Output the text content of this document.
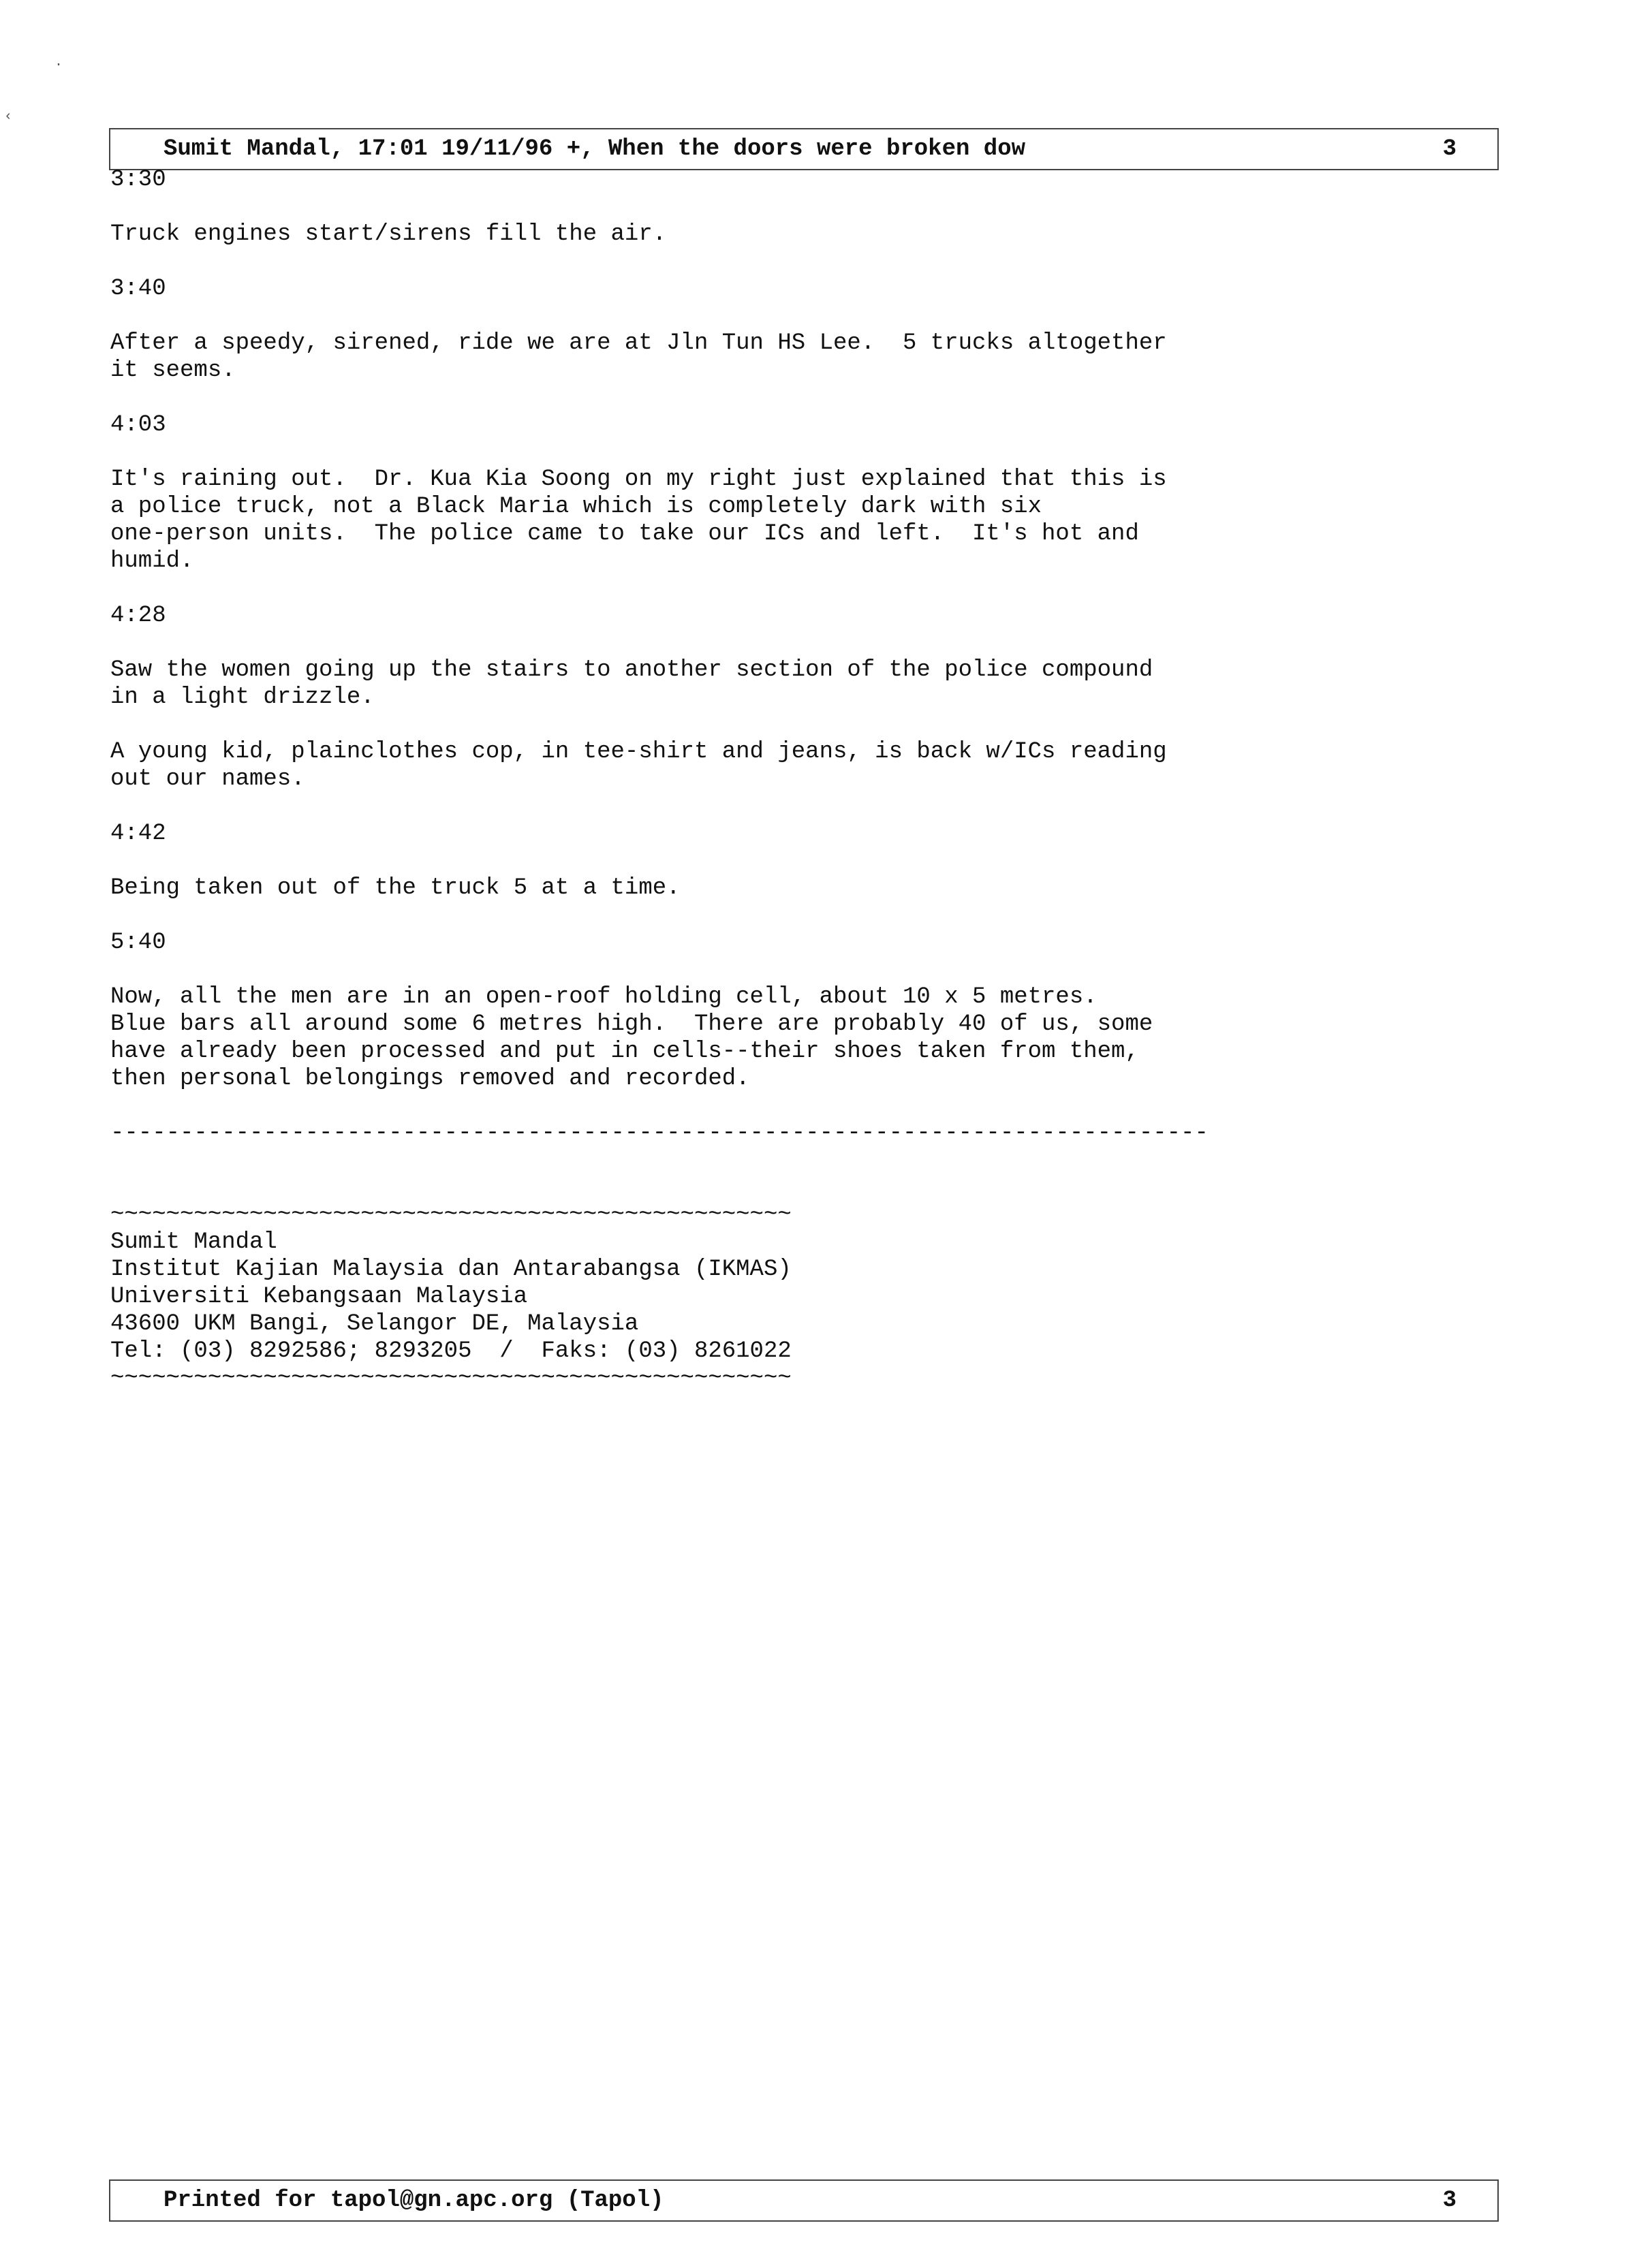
.
‹
Sumit Mandal, 17:01 19/11/96 +, When the doors were broken dow	3
3:30
Truck engines start/sirens fill the air.
3:40
After a speedy, sirened, ride we are at Jln Tun HS Lee.  5 trucks altogether
it seems.
4:03
It's raining out.  Dr. Kua Kia Soong on my right just explained that this is
a police truck, not a Black Maria which is completely dark with six
one-person units.  The police came to take our ICs and left.  It's hot and
humid.
4:28
Saw the women going up the stairs to another section of the police compound
in a light drizzle.
A young kid, plainclothes cop, in tee-shirt and jeans, is back w/ICs reading
out our names.
4:42
Being taken out of the truck 5 at a time.
5:40
Now, all the men are in an open-roof holding cell, about 10 x 5 metres.
Blue bars all around some 6 metres high.  There are probably 40 of us, some
have already been processed and put in cells--their shoes taken from them,
then personal belongings removed and recorded.
-------------------------------------------------------------------------------
~~~~~~~~~~~~~~~~~~~~~~~~~~~~~~~~~~~~~~~~~~~~~~~~~
Sumit Mandal
Institut Kajian Malaysia dan Antarabangsa (IKMAS)
Universiti Kebangsaan Malaysia
43600 UKM Bangi, Selangor DE, Malaysia
Tel: (03) 8292586; 8293205  /  Faks: (03) 8261022
~~~~~~~~~~~~~~~~~~~~~~~~~~~~~~~~~~~~~~~~~~~~~~~~~
Printed for tapol@gn.apc.org (Tapol)	3
